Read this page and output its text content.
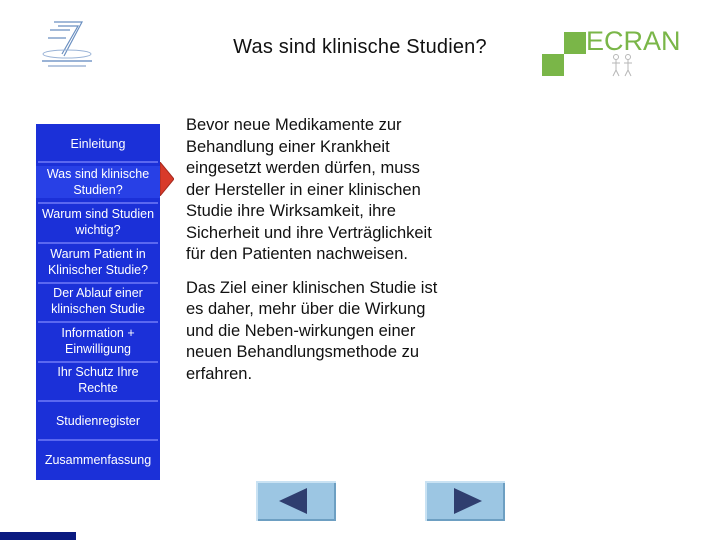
Was sind klinische Studien?	ECRAN
Einleitung
Was sind klinische Studien?
Warum sind Studien wichtig?
Warum Patient in Klinischer Studie?
Der Ablauf einer klinischen Studie
Information + Einwilligung
Ihr Schutz Ihre Rechte
Studienregister
Zusammenfassung

Bevor neue Medikamente zur Behandlung einer Krankheit eingesetzt werden dürfen, muss der Hersteller in einer klinischen Studie ihre Wirksamkeit, ihre Sicherheit und ihre Verträglichkeit für den Patienten nachweisen.

Das Ziel einer klinischen Studie ist es daher, mehr über die Wirkung und die Neben-wirkungen einer neuen Behandlungsmethode zu erfahren.
